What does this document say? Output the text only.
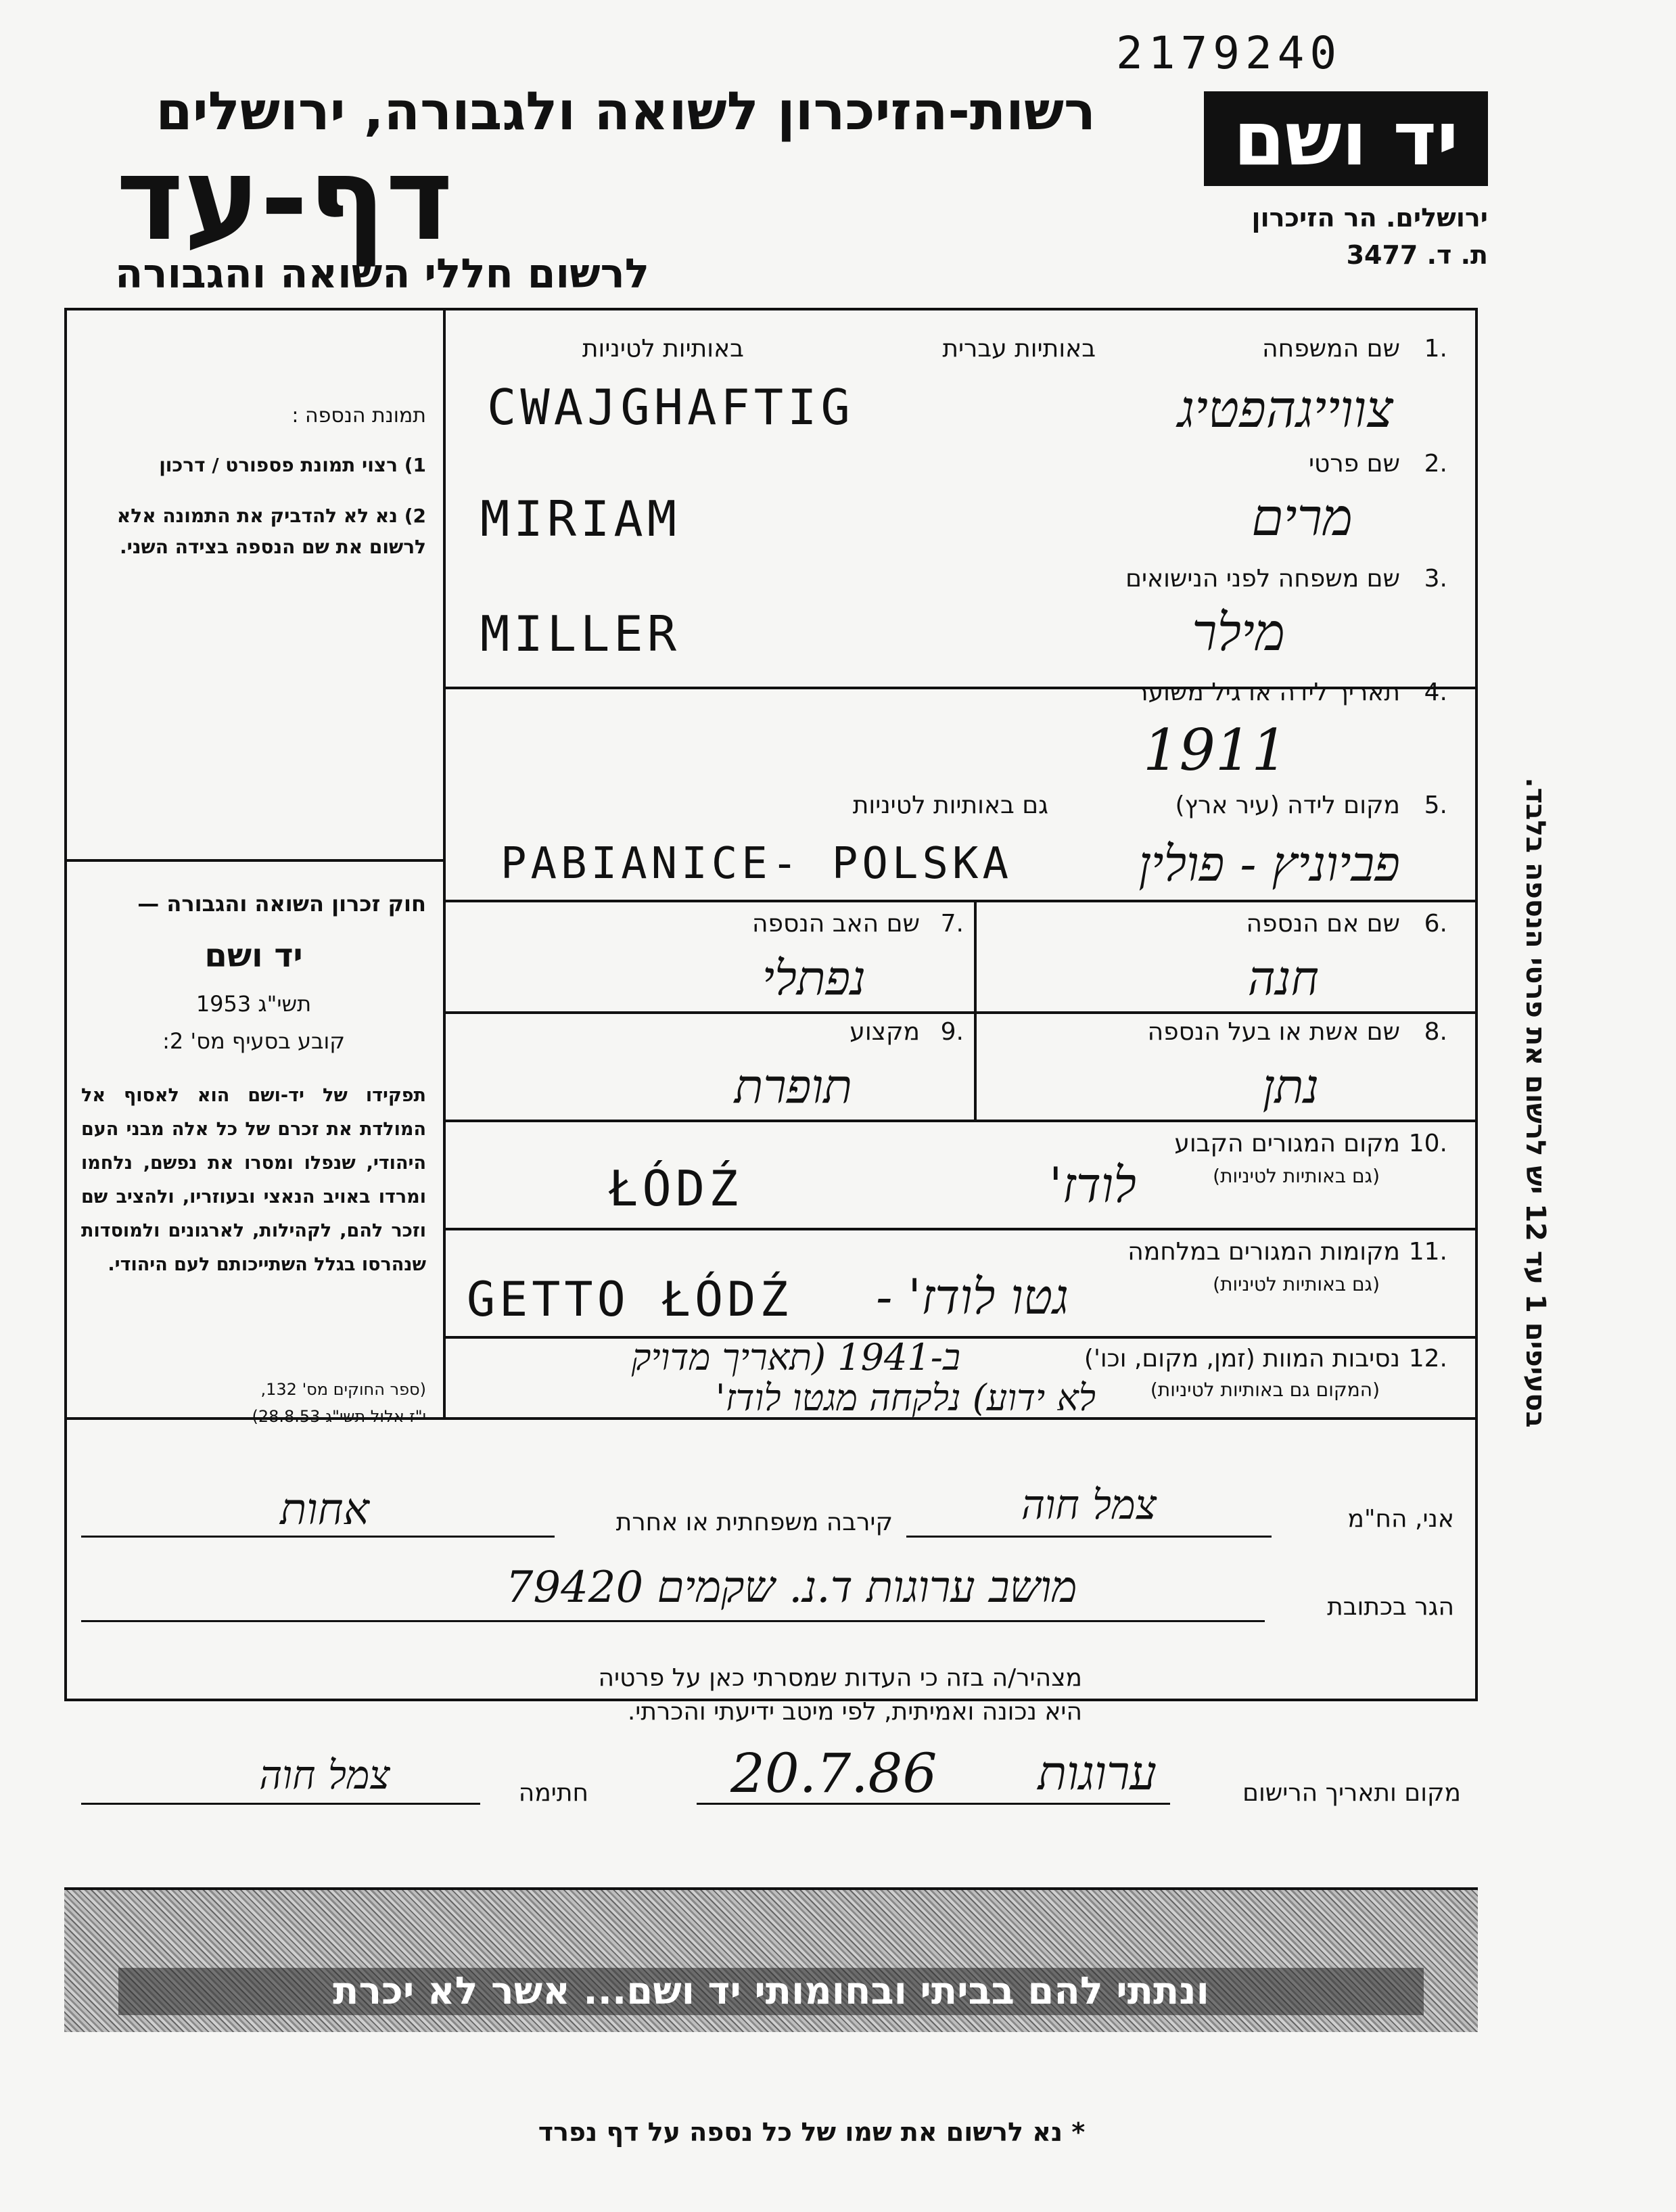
2179240
רשות-הזיכרון לשואה ולגבורה, ירושלים
דף-עד
לרשום חללי השואה והגבורה
יד ושם
ירושלים. הר הזיכרון
ת. ד. 3477
1.
שם המשפחה
באותיות עברית
באותיות לטיניות
CWAJGHAFTIG	צווייגהפטיג
2.
שם פרטי
MIRIAM	מרים
3.
שם משפחה לפני הנישואים
MILLER	מילר
4.
תאריך לידה או גיל משוער
1911
5.
מקום לידה (עיר ארץ)
גם באותיות לטיניות
PABIANICE- POLSKA	פביוניץ - פולין
6.
שם אם הנספה
חנה
7.
שם האב הנספה
נפתלי
8.
שם אשת או בעל הנספה
נתן
9.
מקצוע
תופרת
10.
מקום המגורים הקבוע
(גם באותיות לטיניות)
ŁÓDŹ	לודז'
11.
מקומות המגורים במלחמה
(גם באותיות לטיניות)
GETTO ŁÓDŹ	גטו לודז' -
12.
נסיבות המוות (זמן, מקום, וכו')
(המקום גם באותיות לטיניות)
ב-1941 (תאריך מדויק
לא ידוע) נלקחה מגטו לודז'
תמונת הנספה :
1) רצוי תמונת פספורט / דרכון
2) נא לא להדביק את התמונה אלא לרשום את שם הנספה בצידה השני.
חוק זכרון השואה והגבורה —
יד ושם
תשי"ג 1953
קובע בסעיף מס' 2:
תפקידו של יד-ושם הוא לאסוף אל המולדת את זכרם של כל אלה מבני העם היהודי, שנפלו ומסרו את נפשם, נלחמו ומרדו באויב הנאצי ובעוזריו, ולהציב שם וזכר להם, לקהילות, לארגונים ולמוסדות שנהרסו בגלל השתייכותם לעם היהודי.
(ספר החוקים מס' 132,
י"ז אלול תשי"ג 28.8.53)
אני, הח"מ
צמל חוה
קירבה משפחתית או אחרת
אחות
הגר בכתובת
מושב ערוגות ד.נ. שקמים 79420
מצהיר/ה בזה כי העדות שמסרתי כאן על פרטיה
היא נכונה ואמיתית, לפי מיטב ידיעתי והכרתי.
מקום ותאריך הרישום
20.7.86	ערוגות
חתימה
צמל חוה
בסעיפים 1 עד 12 יש לרשום את פרטי הנספה בלבד.
ונתתי להם בביתי ובחומותי יד ושם... אשר לא יכרת
* נא לרשום את שמו של כל נספה על דף נפרד
